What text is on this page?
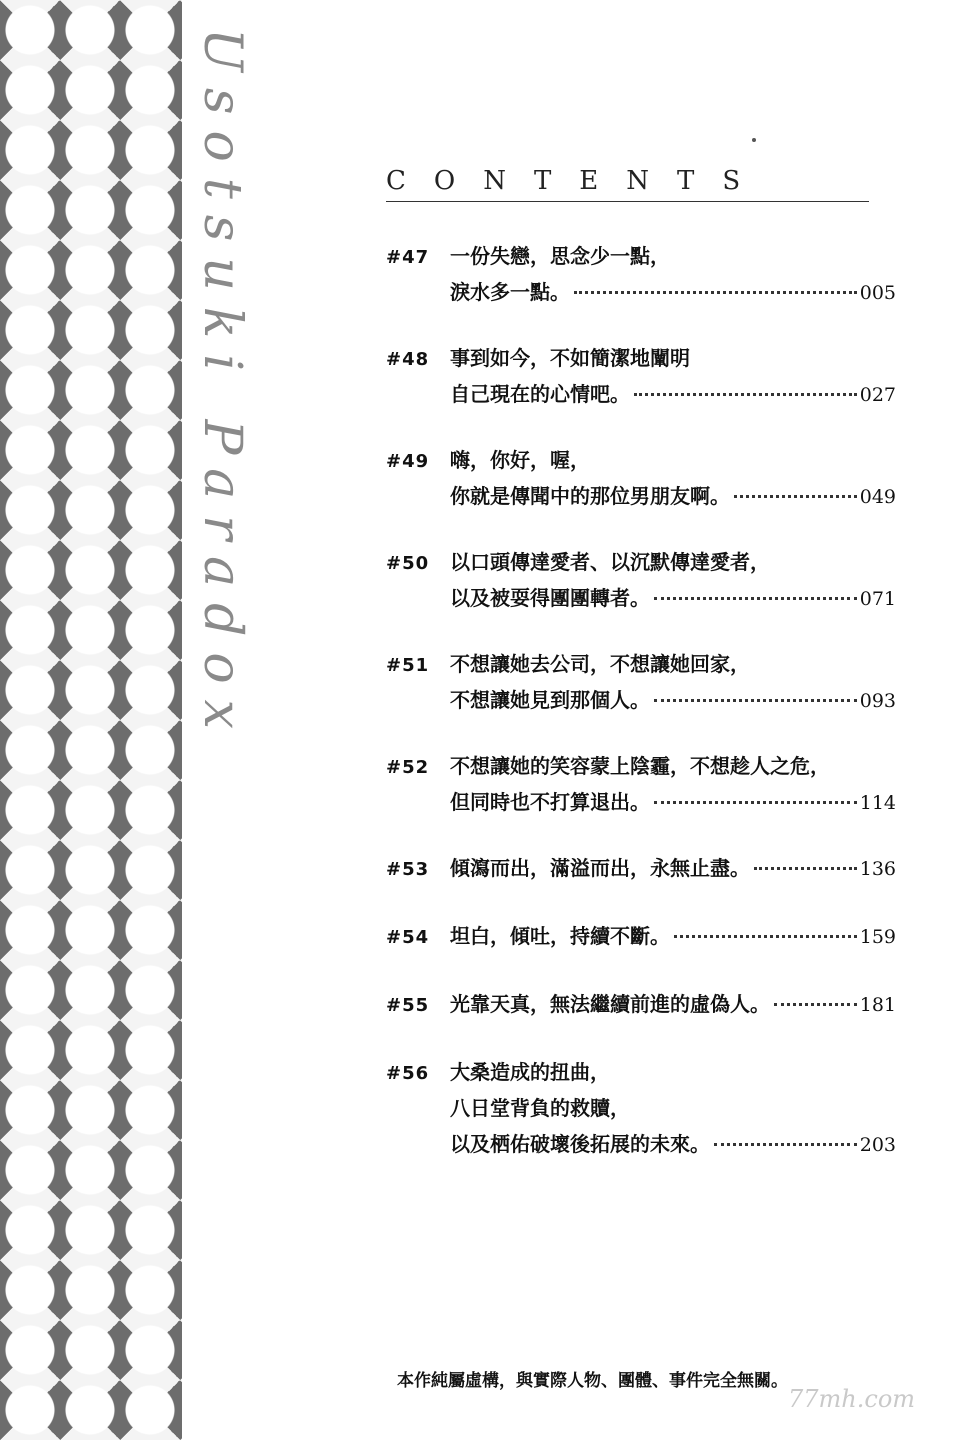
Usotsuki Paradox	CONTENTS
#47	一份失戀，思念少一點，
淚水多一點。	005
#48	事到如今，不如簡潔地闡明
自己現在的心情吧。	027
#49	嗨，你好，喔，
你就是傳聞中的那位男朋友啊。	049
#50	以口頭傳達愛者、以沉默傳達愛者，
以及被耍得團團轉者。	071
#51	不想讓她去公司，不想讓她回家，
不想讓她見到那個人。	093
#52	不想讓她的笑容蒙上陰霾，不想趁人之危，
但同時也不打算退出。	114
#53	傾瀉而出，滿溢而出，永無止盡。	136
#54	坦白，傾吐，持續不斷。	159
#55	光靠天真，無法繼續前進的虛偽人。	181
#56	大桑造成的扭曲，
八日堂背負的救贖，
以及栖佑破壞後拓展的未來。	203
本作純屬虛構，與實際人物、團體、事件完全無關。
77mh.com
